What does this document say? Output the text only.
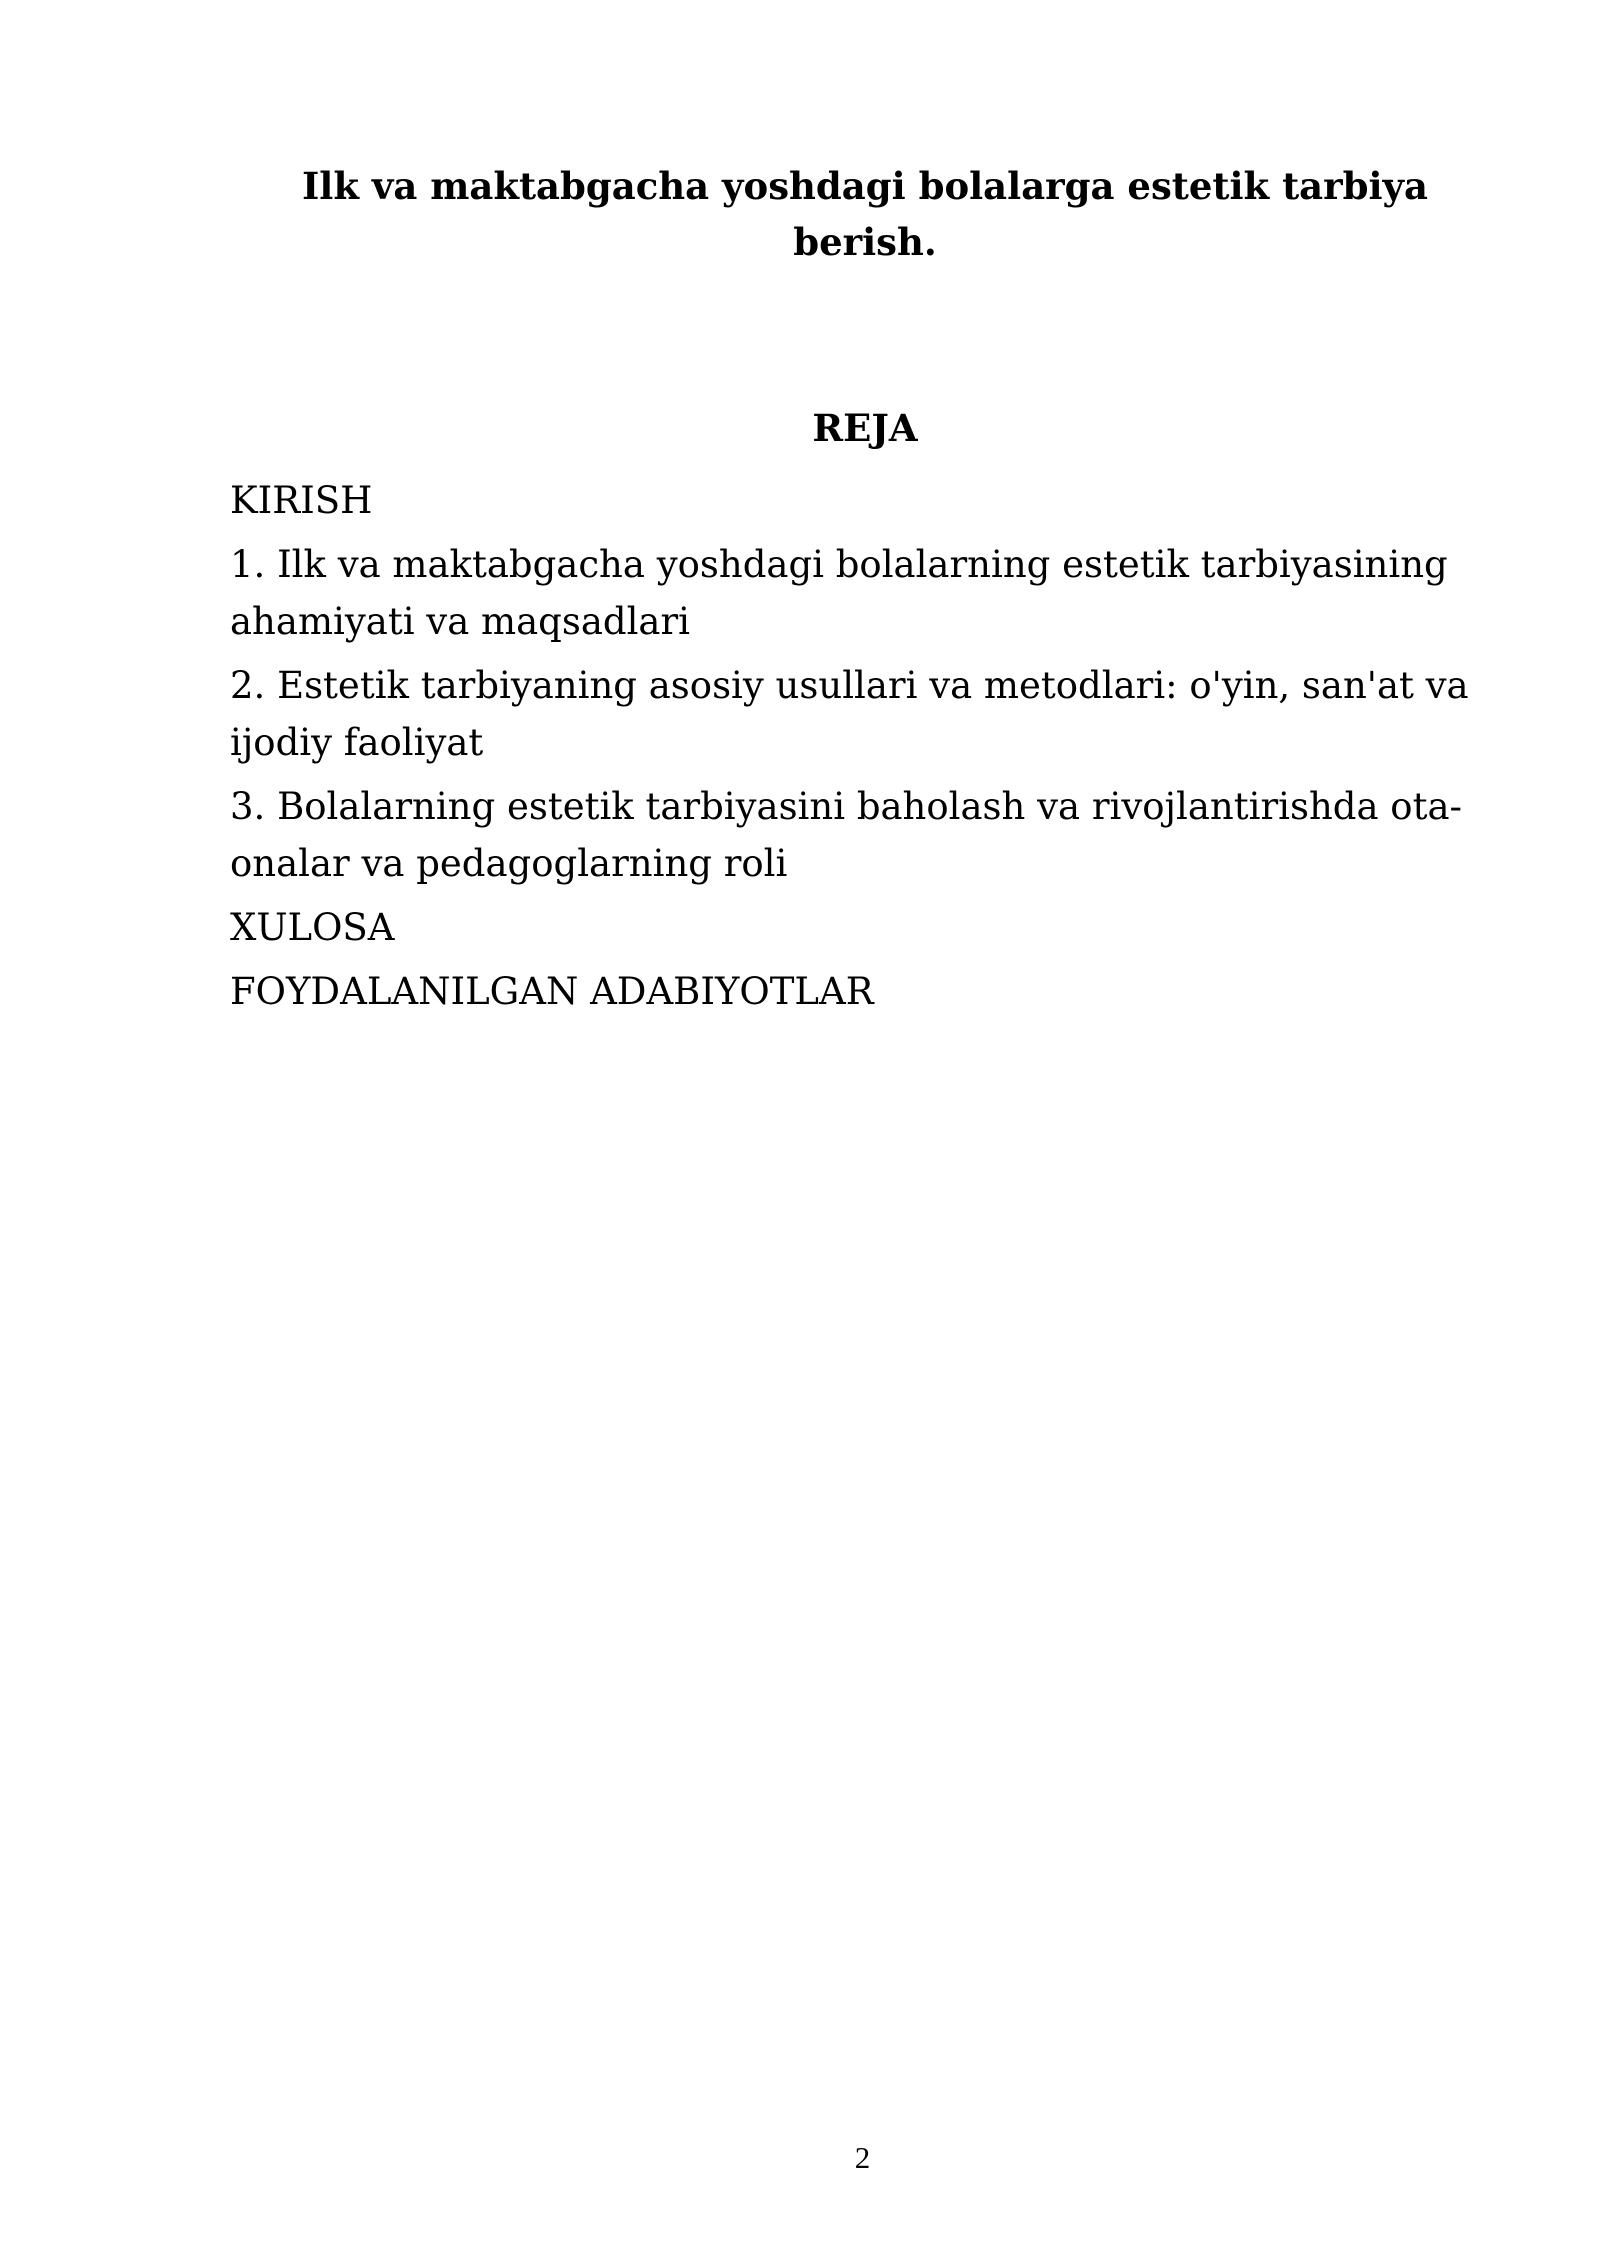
Ilk va maktabgacha yoshdagi bolalarga estetik tarbiya
berish.
REJA
KIRISH
1. Ilk va maktabgacha yoshdagi bolalarning estetik tarbiyasining ahamiyati va maqsadlari
2. Estetik tarbiyaning asosiy usullari va metodlari: o'yin, san'at va ijodiy faoliyat
3. Bolalarning estetik tarbiyasini baholash va rivojlantirishda ota-onalar va pedagoglarning roli
XULOSA
FOYDALANILGAN ADABIYOTLAR
2
